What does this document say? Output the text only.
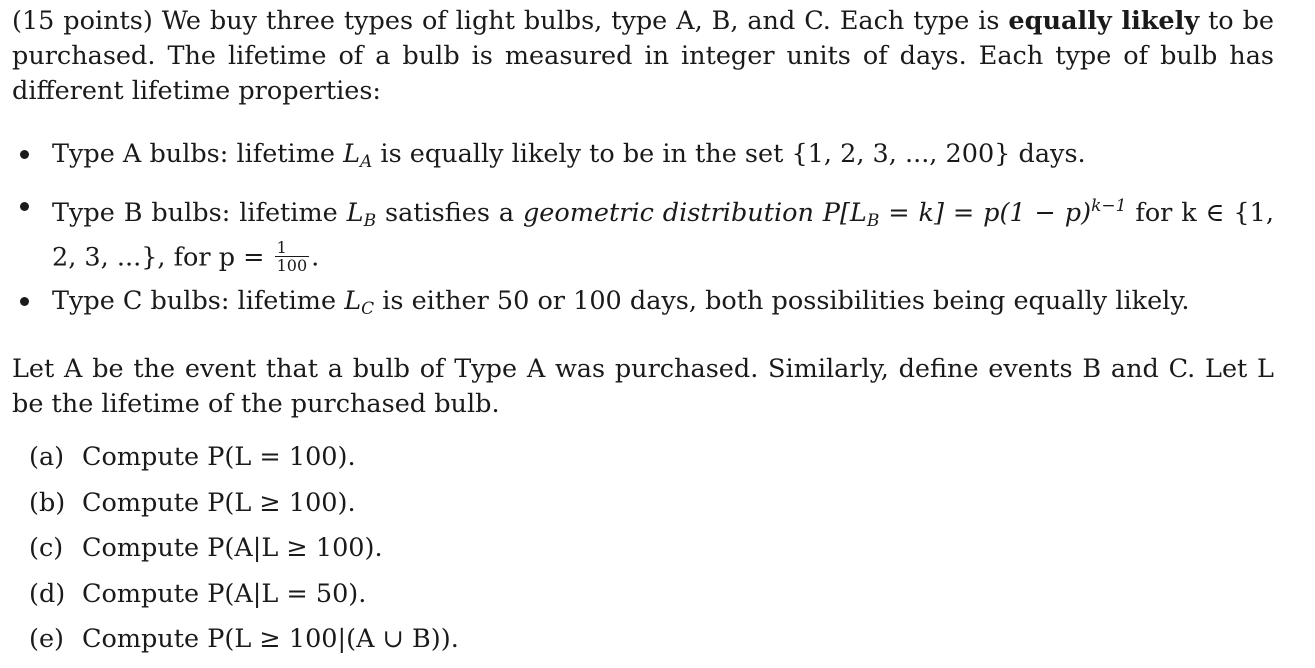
(15 points) We buy three types of light bulbs, type A, B, and C. Each type is equally likely to be purchased. The lifetime of a bulb is measured in integer units of days. Each type of bulb has different lifetime properties:
Type A bulbs: lifetime $L_A$ is equally likely to be in the set {1, 2, 3, ..., 200} days.
Type B bulbs: lifetime $L_B$ satisfies a geometric distribution $P[L_B = k] = p(1 - p)^{k-1}$ for k ∈ {1, 2, 3, ...}, for $p = \frac{1}{100}$ .
Type C bulbs: lifetime $L_C$ is either 50 or 100 days, both possibilities being equally likely.
Let A be the event that a bulb of Type A was purchased. Similarly, define events B and C. Let L be the lifetime of the purchased bulb.
(a) Compute P(L = 100).
(b) Compute P(L ≥ 100).
(c) Compute P(A|L ≥ 100).
(d) Compute P(A|L = 50).
(e) Compute P(L ≥ 100|(A ∪ B)).
